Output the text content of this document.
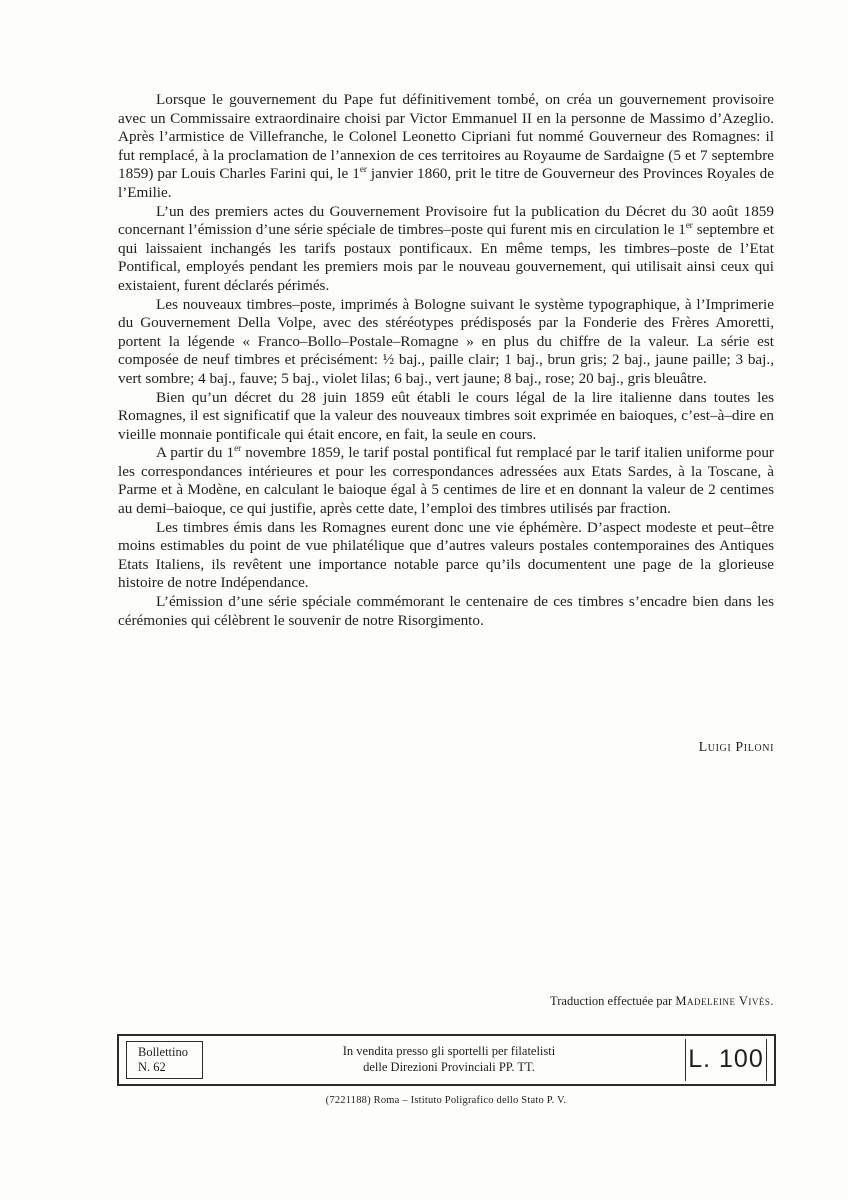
Lorsque le gouvernement du Pape fut définitivement tombé, on créa un gouvernement provisoire avec un Commissaire extraordinaire choisi par Victor Emmanuel II en la personne de Massimo d’Azeglio. Après l’armistice de Villefranche, le Colonel Leonetto Cipriani fut nommé Gouverneur des Romagnes: il fut remplacé, à la proclamation de l’annexion de ces territoires au Royaume de Sardaigne (5 et 7 septembre 1859) par Louis Charles Farini qui, le 1er janvier 1860, prit le titre de Gouverneur des Provinces Royales de l’Emilie.

L’un des premiers actes du Gouvernement Provisoire fut la publication du Décret du 30 août 1859 concernant l’émission d’une série spéciale de timbres–poste qui furent mis en circulation le 1er septembre et qui laissaient inchangés les tarifs postaux pontificaux. En même temps, les timbres–poste de l’Etat Pontifical, employés pendant les premiers mois par le nouveau gouvernement, qui utilisait ainsi ceux qui existaient, furent déclarés périmés.

Les nouveaux timbres–poste, imprimés à Bologne suivant le système typographique, à l’Imprimerie du Gouvernement Della Volpe, avec des stéréotypes prédisposés par la Fonderie des Frères Amoretti, portent la légende « Franco–Bollo–Postale–Romagne » en plus du chiffre de la valeur. La série est composée de neuf timbres et précisément: ½ baj., paille clair; 1 baj., brun gris; 2 baj., jaune paille; 3 baj., vert sombre; 4 baj., fauve; 5 baj., violet lilas; 6 baj., vert jaune; 8 baj., rose; 20 baj., gris bleuâtre.

Bien qu’un décret du 28 juin 1859 eût établi le cours légal de la lire italienne dans toutes les Romagnes, il est significatif que la valeur des nouveaux timbres soit exprimée en baioques, c’est–à–dire en vieille monnaie pontificale qui était encore, en fait, la seule en cours.

A partir du 1er novembre 1859, le tarif postal pontifical fut remplacé par le tarif italien uniforme pour les correspondances intérieures et pour les correspondances adressées aux Etats Sardes, à la Toscane, à Parme et à Modène, en calculant le baioque égal à 5 centimes de lire et en donnant la valeur de 2 centimes au demi–baioque, ce qui justifie, après cette date, l’emploi des timbres utilisés par fraction.

Les timbres émis dans les Romagnes eurent donc une vie éphémère. D’aspect modeste et peut–être moins estimables du point de vue philatélique que d’autres valeurs postales contemporaines des Antiques Etats Italiens, ils revêtent une importance notable parce qu’ils documentent une page de la glorieuse histoire de notre Indépendance.

L’émission d’une série spéciale commémorant le centenaire de ces timbres s’encadre bien dans les cérémonies qui célèbrent le souvenir de notre Risorgimento.

Luigi Piloni
Traduction effectuée par Madeleine Vivès.
Bollettino
N. 62
In vendita presso gli sportelli per filatelisti
delle Direzioni Provinciali PP. TT.	L. 100
(7221188) Roma – Istituto Poligrafico dello Stato P. V.
